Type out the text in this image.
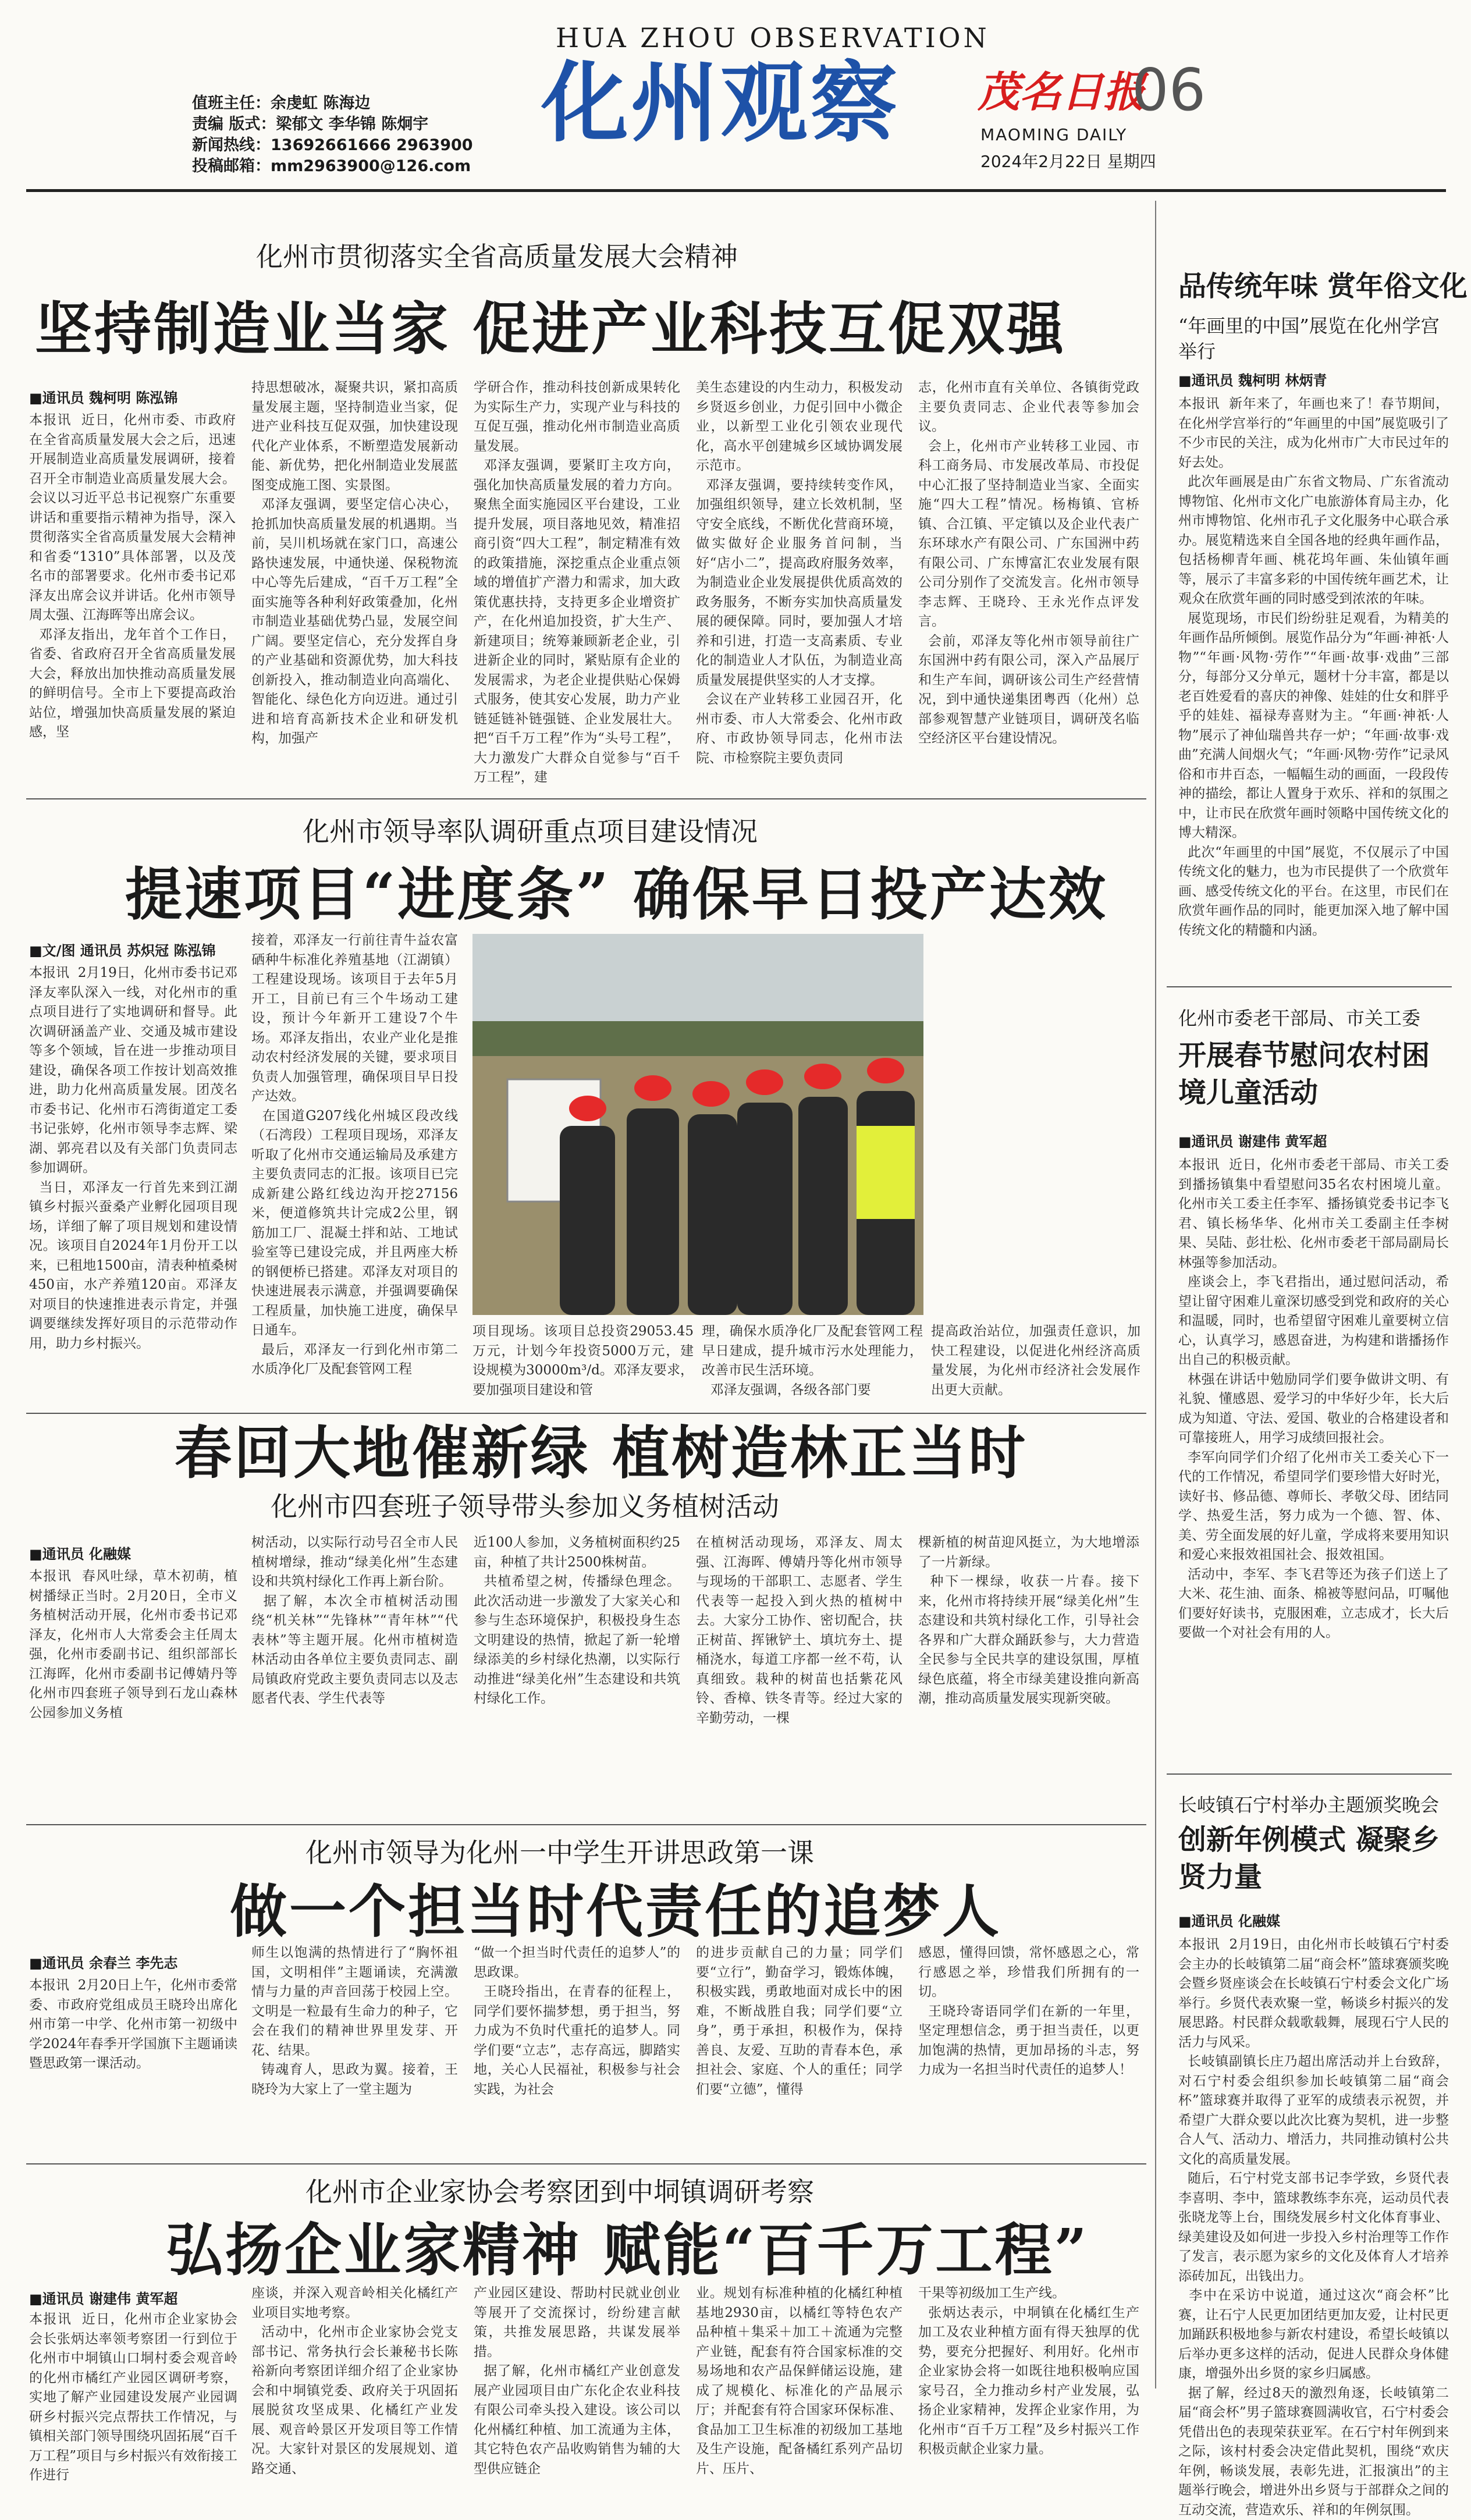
值班主任：余虔虹 陈海边
责编 版式：梁郁文 李华锦 陈炯宇
新闻热线：13692661666 2963900
投稿邮箱：mm2963900@126.com
HUA ZHOU OBSERVATION
化州观察 茂名日报
06
MAOMING DAILY
2024年2月22日 星期四
化州市贯彻落实全省高质量发展大会精神
坚持制造业当家 促进产业科技互促双强
■通讯员 魏柯明 陈泓锦
本报讯  近日，化州市委、市政府在全省高质量发展大会之后，迅速开展制造业高质量发展调研，接着召开全市制造业高质量发展大会。会议以习近平总书记视察广东重要讲话和重要指示精神为指导，深入贯彻落实全省高质量发展大会精神和省委“1310”具体部署，以及茂名市的部署要求。化州市委书记邓泽友出席会议并讲话。化州市领导周太强、江海晖等出席会议。
邓泽友指出，龙年首个工作日，省委、省政府召开全省高质量发展大会，释放出加快推动高质量发展的鲜明信号。全市上下要提高政治站位，增强加快高质量发展的紧迫感，坚
持思想破冰，凝聚共识，紧扣高质量发展主题，坚持制造业当家，促进产业科技互促双强，加快建设现代化产业体系，不断塑造发展新动能、新优势，把化州制造业发展蓝图变成施工图、实景图。
邓泽友强调，要坚定信心决心，抢抓加快高质量发展的机遇期。当前，吴川机场就在家门口，高速公路快速发展，中通快递、保税物流中心等先后建成，“百千万工程”全面实施等各种利好政策叠加，化州市制造业基础优势凸显，发展空间广阔。要坚定信心，充分发挥自身的产业基础和资源优势，加大科技创新投入，推动制造业向高端化、智能化、绿色化方向迈进。通过引进和培育高新技术企业和研发机构，加强产
学研合作，推动科技创新成果转化为实际生产力，实现产业与科技的互促互强，推动化州市制造业高质量发展。
邓泽友强调，要紧盯主攻方向，强化加快高质量发展的着力方向。聚焦全面实施园区平台建设，工业提升发展，项目落地见效，精准招商引资“四大工程”，制定精准有效的政策措施，深挖重点企业重点领域的增值扩产潜力和需求，加大政策优惠扶持，支持更多企业增资扩产，在化州追加投资，扩大生产、新建项目；统筹兼顾新老企业，引进新企业的同时，紧贴原有企业的发展需求，为老企业提供贴心保姆式服务，使其安心发展，助力产业链延链补链强链、企业发展壮大。把“百千万工程”作为“头号工程”，大力激发广大群众自觉参与“百千万工程”，建
美生态建设的内生动力，积极发动乡贤返乡创业，力促引回中小微企业，以新型工业化引领农业现代化，高水平创建城乡区域协调发展示范市。
邓泽友强调，要持续转变作风，加强组织领导，建立长效机制，坚守安全底线，不断优化营商环境，做实做好企业服务首问制，当好“店小二”，提高政府服务效率，为制造业企业发展提供优质高效的政务服务，不断夯实加快高质量发展的硬保障。同时，要加强人才培养和引进，打造一支高素质、专业化的制造业人才队伍，为制造业高质量发展提供坚实的人才支撑。
会议在产业转移工业园召开，化州市委、市人大常委会、化州市政府、市政协领导同志，化州市法院、市检察院主要负责同
志，化州市直有关单位、各镇街党政主要负责同志、企业代表等参加会议。
会上，化州市产业转移工业园、市科工商务局、市发展改革局、市投促中心汇报了坚持制造业当家、全面实施“四大工程”情况。杨梅镇、官桥镇、合江镇、平定镇以及企业代表广东环球水产有限公司、广东国洲中药有限公司、广东博富汇农业发展有限公司分别作了交流发言。化州市领导李志辉、王晓玲、王永光作点评发言。
会前，邓泽友等化州市领导前往广东国洲中药有限公司，深入产品展厅和生产车间，调研该公司生产经营情况，到中通快递集团粤西（化州）总部参观智慧产业链项目，调研茂名临空经济区平台建设情况。
化州市领导率队调研重点项目建设情况
提速项目“进度条” 确保早日投产达效
■文/图 通讯员 苏炽冠 陈泓锦
本报讯  2月19日，化州市委书记邓泽友率队深入一线，对化州市的重点项目进行了实地调研和督导。此次调研涵盖产业、交通及城市建设等多个领域，旨在进一步推动项目建设，确保各项工作按计划高效推进，助力化州高质量发展。团茂名市委书记、化州市石湾街道定工委书记张婷，化州市领导李志辉、梁湖、郭亮君以及有关部门负责同志参加调研。
当日，邓泽友一行首先来到江湖镇乡村振兴蚕桑产业孵化园项目现场，详细了解了项目规划和建设情况。该项目自2024年1月份开工以来，已租地1500亩，清表种植桑树450亩，水产养殖120亩。邓泽友对项目的快速推进表示肯定，并强调要继续发挥好项目的示范带动作用，助力乡村振兴。
接着，邓泽友一行前往青牛益农富硒种牛标准化养殖基地（江湖镇）工程建设现场。该项目于去年5月开工，目前已有三个牛场动工建设，预计今年新开工建设7个牛场。邓泽友指出，农业产业化是推动农村经济发展的关键，要求项目负责人加强管理，确保项目早日投产达效。
在国道G207线化州城区段改线（石湾段）工程项目现场，邓泽友听取了化州市交通运输局及承建方主要负责同志的汇报。该项目已完成新建公路红线边沟开挖27156米，便道修筑共计完成2公里，钢筋加工厂、混凝土拌和站、工地试验室等已建设完成，并且两座大桥的钢便桥已搭建。邓泽友对项目的快速进展表示满意，并强调要确保工程质量，加快施工进度，确保早日通车。
最后，邓泽友一行到化州市第二水质净化厂及配套管网工程
项目现场。该项目总投资29053.45万元，计划今年投资5000万元，建设规模为30000m³/d。邓泽友要求，要加强项目建设和管
理，确保水质净化厂及配套管网工程早日建成，提升城市污水处理能力，改善市民生活环境。
邓泽友强调，各级各部门要
提高政治站位，加强责任意识，加快工程建设，以促进化州经济高质量发展，为化州市经济社会发展作出更大贡献。
春回大地催新绿 植树造林正当时
化州市四套班子领导带头参加义务植树活动
■通讯员 化融媒
本报讯  春风吐绿，草木初萌，植树播绿正当时。2月20日，全市义务植树活动开展，化州市委书记邓泽友，化州市人大常委会主任周太强，化州市委副书记、组织部部长江海晖，化州市委副书记傅婧丹等化州市四套班子领导到石龙山森林公园参加义务植
树活动，以实际行动号召全市人民植树增绿，推动“绿美化州”生态建设和共筑村绿化工作再上新台阶。
据了解，本次全市植树活动围绕“机关林”“先锋林”“青年林”“代表林”等主题开展。化州市植树造林活动由各单位主要负责同志、副局镇政府党政主要负责同志以及志愿者代表、学生代表等
近100人参加，义务植树面积约25亩，种植了共计2500株树苗。
共植希望之树，传播绿色理念。此次活动进一步激发了大家关心和参与生态环境保护，积极投身生态文明建设的热情，掀起了新一轮增绿添美的乡村绿化热潮，以实际行动推进“绿美化州”生态建设和共筑村绿化工作。
在植树活动现场，邓泽友、周太强、江海晖、傅婧丹等化州市领导与现场的干部职工、志愿者、学生代表等一起投入到火热的植树中去。大家分工协作、密切配合，扶正树苗、挥锹铲土、填坑夯土、提桶浇水，每道工序都一丝不苟，认真细致。栽种的树苗也括紫花风铃、香樟、铁冬青等。经过大家的辛勤劳动，一棵
棵新植的树苗迎风挺立，为大地增添了一片新绿。
种下一棵绿，收获一片春。接下来，化州市将持续开展“绿美化州”生态建设和共筑村绿化工作，引导社会各界和广大群众踊跃参与，大力营造全民参与全民共享的建设氛围，厚植绿色底蕴，将全市绿美建设推向新高潮，推动高质量发展实现新突破。
化州市领导为化州一中学生开讲思政第一课
做一个担当时代责任的追梦人
■通讯员 余春兰 李先志
本报讯  2月20日上午，化州市委常委、市政府党组成员王晓玲出席化州市第一中学、化州市第一初级中学2024年春季开学国旗下主题诵读暨思政第一课活动。
师生以饱满的热情进行了“胸怀祖国，文明相伴”主题诵读，充满激情与力量的声音回荡于校园上空。文明是一粒最有生命力的种子，它会在我们的精神世界里发芽、开花、结果。
铸魂育人，思政为翼。接着，王晓玲为大家上了一堂主题为
“做一个担当时代责任的追梦人”的思政课。
王晓玲指出，在青春的征程上，同学们要怀揣梦想，勇于担当，努力成为不负时代重托的追梦人。同学们要“立志”，志存高远，脚踏实地，关心人民福祉，积极参与社会实践，为社会
的进步贡献自己的力量；同学们要“立行”，勤奋学习，锻炼体魄，积极实践，勇敢地面对成长中的困难，不断战胜自我；同学们要“立身”，勇于承担，积极作为，保持善良、友爱、互助的青春本色，承担社会、家庭、个人的重任；同学们要“立德”，懂得
感恩，懂得回馈，常怀感恩之心，常行感恩之举，珍惜我们所拥有的一切。
王晓玲寄语同学们在新的一年里，坚定理想信念，勇于担当责任，以更加饱满的热情，更加昂扬的斗志，努力成为一名担当时代责任的追梦人！
化州市企业家协会考察团到中垌镇调研考察
弘扬企业家精神 赋能“百千万工程”
■通讯员 谢建伟 黄军超
本报讯  近日，化州市企业家协会会长张炳达率领考察团一行到位于化州市中垌镇山口垌村委会观音岭的化州市橘红产业园区调研考察，实地了解产业园建设发展产业园调研乡村振兴完点帮扶工作情况，与镇相关部门领导围绕巩固拓展“百千万工程”项目与乡村振兴有效衔接工作进行
座谈，并深入观音岭相关化橘红产业项目实地考察。
活动中，化州市企业家协会党支部书记、常务执行会长兼秘书长陈裕新向考察团详细介绍了企业家协会和中垌镇党委、政府关于巩固拓展脱贫攻坚成果、化橘红产业发展、观音岭景区开发项目等工作情况。大家针对景区的发展规划、道路交通、
产业园区建设、帮助村民就业创业等展开了交流探讨，纷纷建言献策，共推发展思路，共谋发展举措。
据了解，化州市橘红产业创意发展产业园项目由广东化企农业科技有限公司牵头投入建设。该公司以化州橘红种植、加工流通为主体，其它特色农产品收购销售为辅的大型供应链企
业。规划有标准种植的化橘红种植基地2930亩，以橘红等特色农产品种植＋集采＋加工＋流通为完整产业链，配套有符合国家标准的交易场地和农产品保鲜储运设施，建成了规模化、标准化的产品展示厅；并配套有符合国家环保标准、食品加工卫生标准的初级加工基地及生产设施，配备橘红系列产品切片、压片、
干果等初级加工生产线。
张炳达表示，中垌镇在化橘红生产加工及农业种植方面有得天独厚的优势，要充分把握好、利用好。化州市企业家协会将一如既往地积极响应国家号召，全力推动乡村产业发展，弘扬企业家精神，发挥企业家作用，为化州市“百千万工程”及乡村振兴工作积极贡献企业家力量。
品传统年味 赏年俗文化
“年画里的中国”展览在化州学宫举行
■通讯员 魏柯明 林炳青
本报讯  新年来了，年画也来了！春节期间，在化州学宫举行的“年画里的中国”展览吸引了不少市民的关注，成为化州市广大市民过年的好去处。
此次年画展是由广东省文物局、广东省流动博物馆、化州市文化广电旅游体育局主办，化州市博物馆、化州市孔子文化服务中心联合承办。展览精选来自全国各地的经典年画作品，包括杨柳青年画、桃花坞年画、朱仙镇年画等，展示了丰富多彩的中国传统年画艺术，让观众在欣赏年画的同时感受到浓浓的年味。
展览现场，市民们纷纷驻足观看，为精美的年画作品所倾倒。展览作品分为“年画·神祇·人物”“年画·风物·劳作”“年画·故事·戏曲”三部分，每部分又分单元，题材十分丰富，都是以老百姓爱看的喜庆的神像、娃娃的仕女和胖乎乎的娃娃、福禄寿喜财为主。“年画·神祇·人物”展示了神仙瑞兽共存一炉；“年画·故事·戏曲”充满人间烟火气；“年画·风物·劳作”记录风俗和市井百态，一幅幅生动的画面，一段段传神的描绘，都让人置身于欢乐、祥和的氛围之中，让市民在欣赏年画时领略中国传统文化的博大精深。
此次“年画里的中国”展览，不仅展示了中国传统文化的魅力，也为市民提供了一个欣赏年画、感受传统文化的平台。在这里，市民们在欣赏年画作品的同时，能更加深入地了解中国传统文化的精髓和内涵。
化州市委老干部局、市关工委
开展春节慰问农村困境儿童活动
■通讯员 谢建伟 黄军超
本报讯  近日，化州市委老干部局、市关工委到播扬镇集中看望慰问35名农村困境儿童。化州市关工委主任李军、播扬镇党委书记李飞君、镇长杨华华、化州市关工委副主任李树果、吴陆、彭壮松、化州市委老干部局副局长林强等参加活动。
座谈会上，李飞君指出，通过慰问活动，希望让留守困难儿童深切感受到党和政府的关心和温暖，同时，也希望留守困难儿童要树立信心，认真学习，感恩奋进，为构建和谐播扬作出自己的积极贡献。
林强在讲话中勉励同学们要争做讲文明、有礼貌、懂感恩、爱学习的中华好少年，长大后成为知道、守法、爱国、敬业的合格建设者和可靠接班人，用学习成绩回报社会。
李军向同学们介绍了化州市关工委关心下一代的工作情况，希望同学们要珍惜大好时光，读好书、修品德、尊师长、孝敬父母、团结同学、热爱生活，努力成为一个德、智、体、美、劳全面发展的好儿童，学成将来要用知识和爱心来报效祖国社会、报效祖国。
活动中，李军、李飞君等还为孩子们送上了大米、花生油、面条、棉被等慰问品，叮嘱他们要好好读书，克服困难，立志成才，长大后要做一个对社会有用的人。
长岐镇石宁村举办主题颁奖晚会
创新年例模式 凝聚乡贤力量
■通讯员 化融媒
本报讯  2月19日，由化州市长岐镇石宁村委会主办的长岐镇第二届“商会杯”篮球赛颁奖晚会暨乡贤座谈会在长岐镇石宁村委会文化广场举行。乡贤代表欢聚一堂，畅谈乡村振兴的发展思路。村民群众载歌载舞，展现石宁人民的活力与风采。
长岐镇副镇长庄乃超出席活动并上台致辞，对石宁村委会组织参加长岐镇第二届“商会杯”篮球赛并取得了亚军的成绩表示祝贺，并希望广大群众要以此次比赛为契机，进一步整合人气、活动力、增活力，共同推动镇村公共文化的高质量发展。
随后，石宁村党支部书记李学致，乡贤代表李喜明、李中，篮球教练李东亮，运动员代表张晓龙等上台，围绕发展乡村文化体育事业、绿美建设及如何进一步投入乡村治理等工作作了发言，表示愿为家乡的文化及体育人才培养添砖加瓦，出钱出力。
李中在采访中说道，通过这次“商会杯”比赛，让石宁人民更加团结更加友爱，让村民更加踊跃积极地参与新农村建设，希望长岐镇以后举办更多这样的活动，促进人民群众身体健康，增强外出乡贤的家乡归属感。
据了解，经过8天的激烈角逐，长岐镇第二届“商会杯”男子篮球赛圆满收官，石宁村委会凭借出色的表现荣获亚军。在石宁村年例到来之际，该村村委会决定借此契机，围绕“欢庆年例，畅谈发展，表彰先进，汇报演出”的主题举行晚会，增进外出乡贤与于部群众之间的互动交流，营造欢乐、祥和的年例氛围。
